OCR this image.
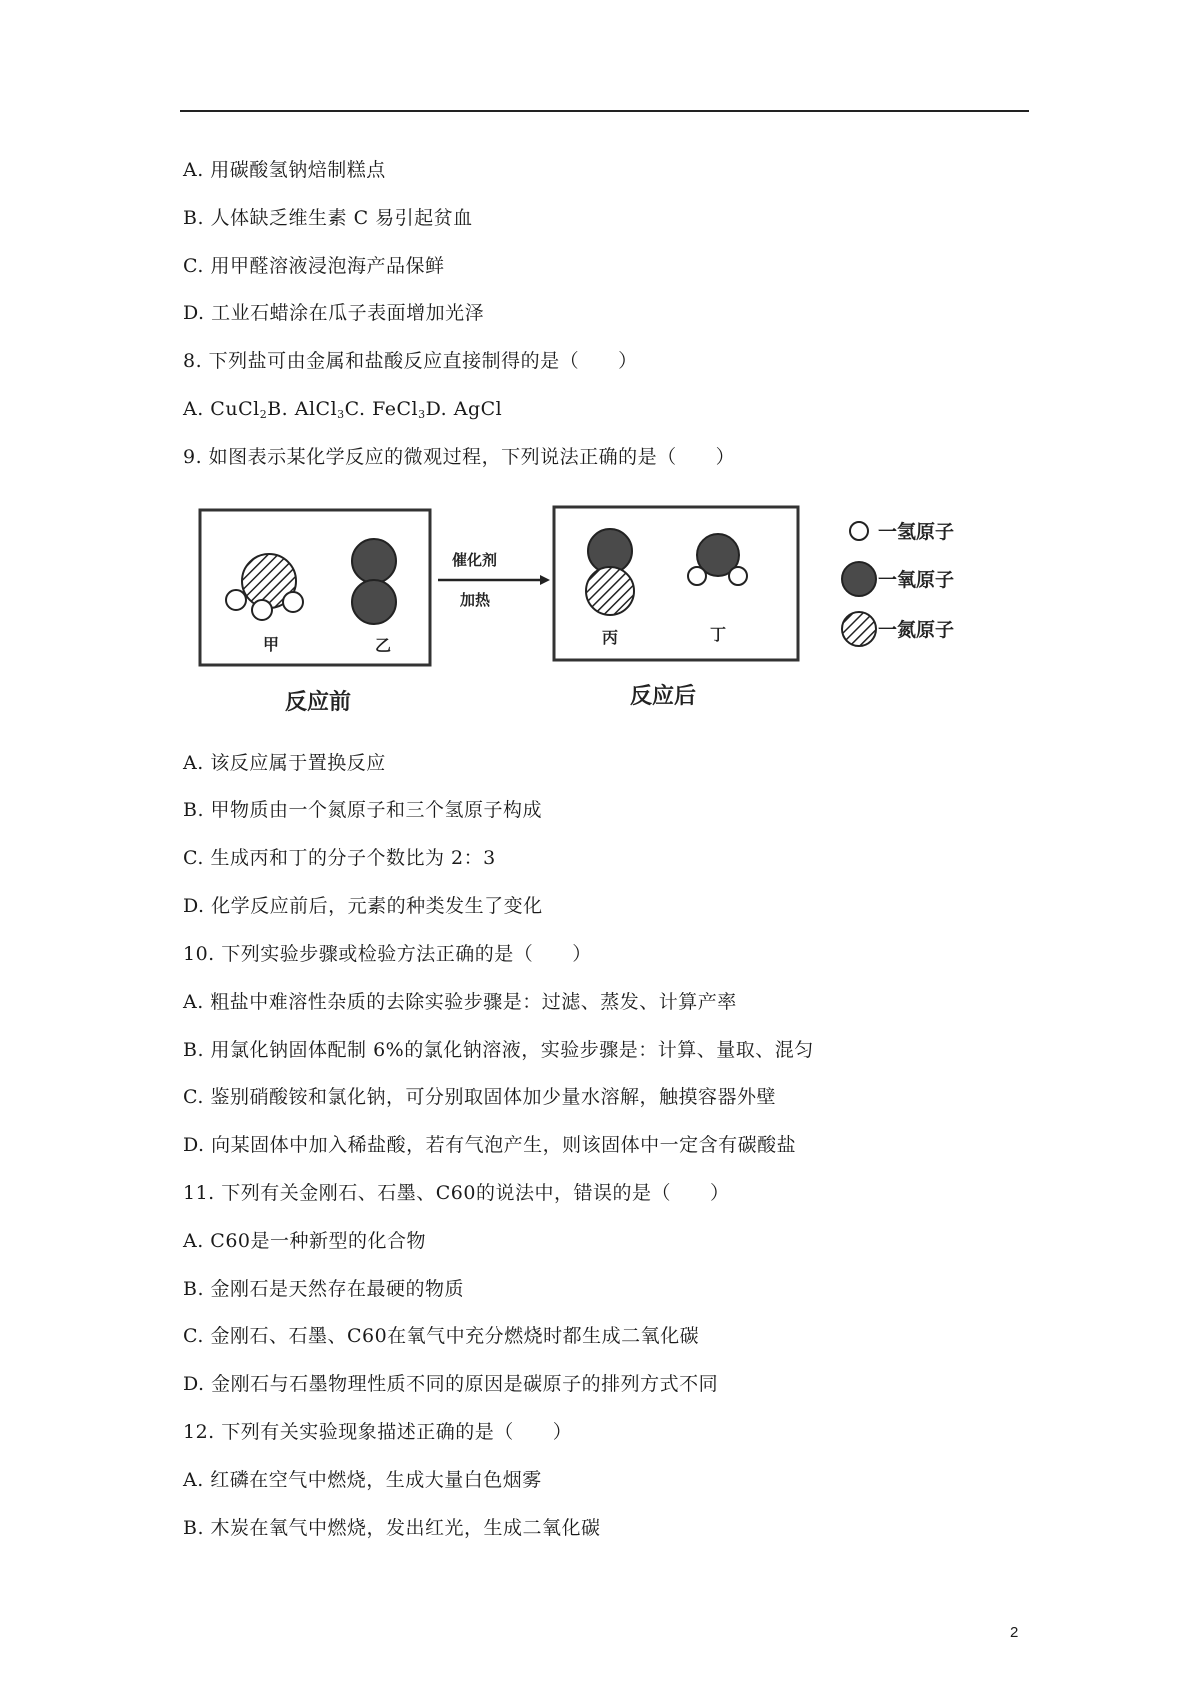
A. 用碳酸氢钠焙制糕点
B. 人体缺乏维生素 C 易引起贫血
C. 用甲醛溶液浸泡海产品保鲜
D. 工业石蜡涂在瓜子表面增加光泽
8. 下列盐可由金属和盐酸反应直接制得的是（　　）
A. CuCl$_2$B. AlCl$_3$C. FeCl$_3$D. AgCl
9. 如图表示某化学反应的微观过程，下列说法正确的是（　　）
甲	乙
催化剂
加热
丙	丁
一氢原子
一氧原子
一氮原子
反应前	反应后
A. 该反应属于置换反应
B. 甲物质由一个氮原子和三个氢原子构成
C. 生成丙和丁的分子个数比为 2：3
D. 化学反应前后，元素的种类发生了变化
10. 下列实验步骤或检验方法正确的是（　　）
A. 粗盐中难溶性杂质的去除实验步骤是：过滤、蒸发、计算产率
B. 用氯化钠固体配制 6%的氯化钠溶液，实验步骤是：计算、量取、混匀
C. 鉴别硝酸铵和氯化钠，可分别取固体加少量水溶解，触摸容器外壁
D. 向某固体中加入稀盐酸，若有气泡产生，则该固体中一定含有碳酸盐
11. 下列有关金刚石、石墨、C60的说法中，错误的是（　　）
A. C60是一种新型的化合物
B. 金刚石是天然存在最硬的物质
C. 金刚石、石墨、C60在氧气中充分燃烧时都生成二氧化碳
D. 金刚石与石墨物理性质不同的原因是碳原子的排列方式不同
12. 下列有关实验现象描述正确的是（　　）
A. 红磷在空气中燃烧，生成大量白色烟雾
B. 木炭在氧气中燃烧，发出红光，生成二氧化碳
2
